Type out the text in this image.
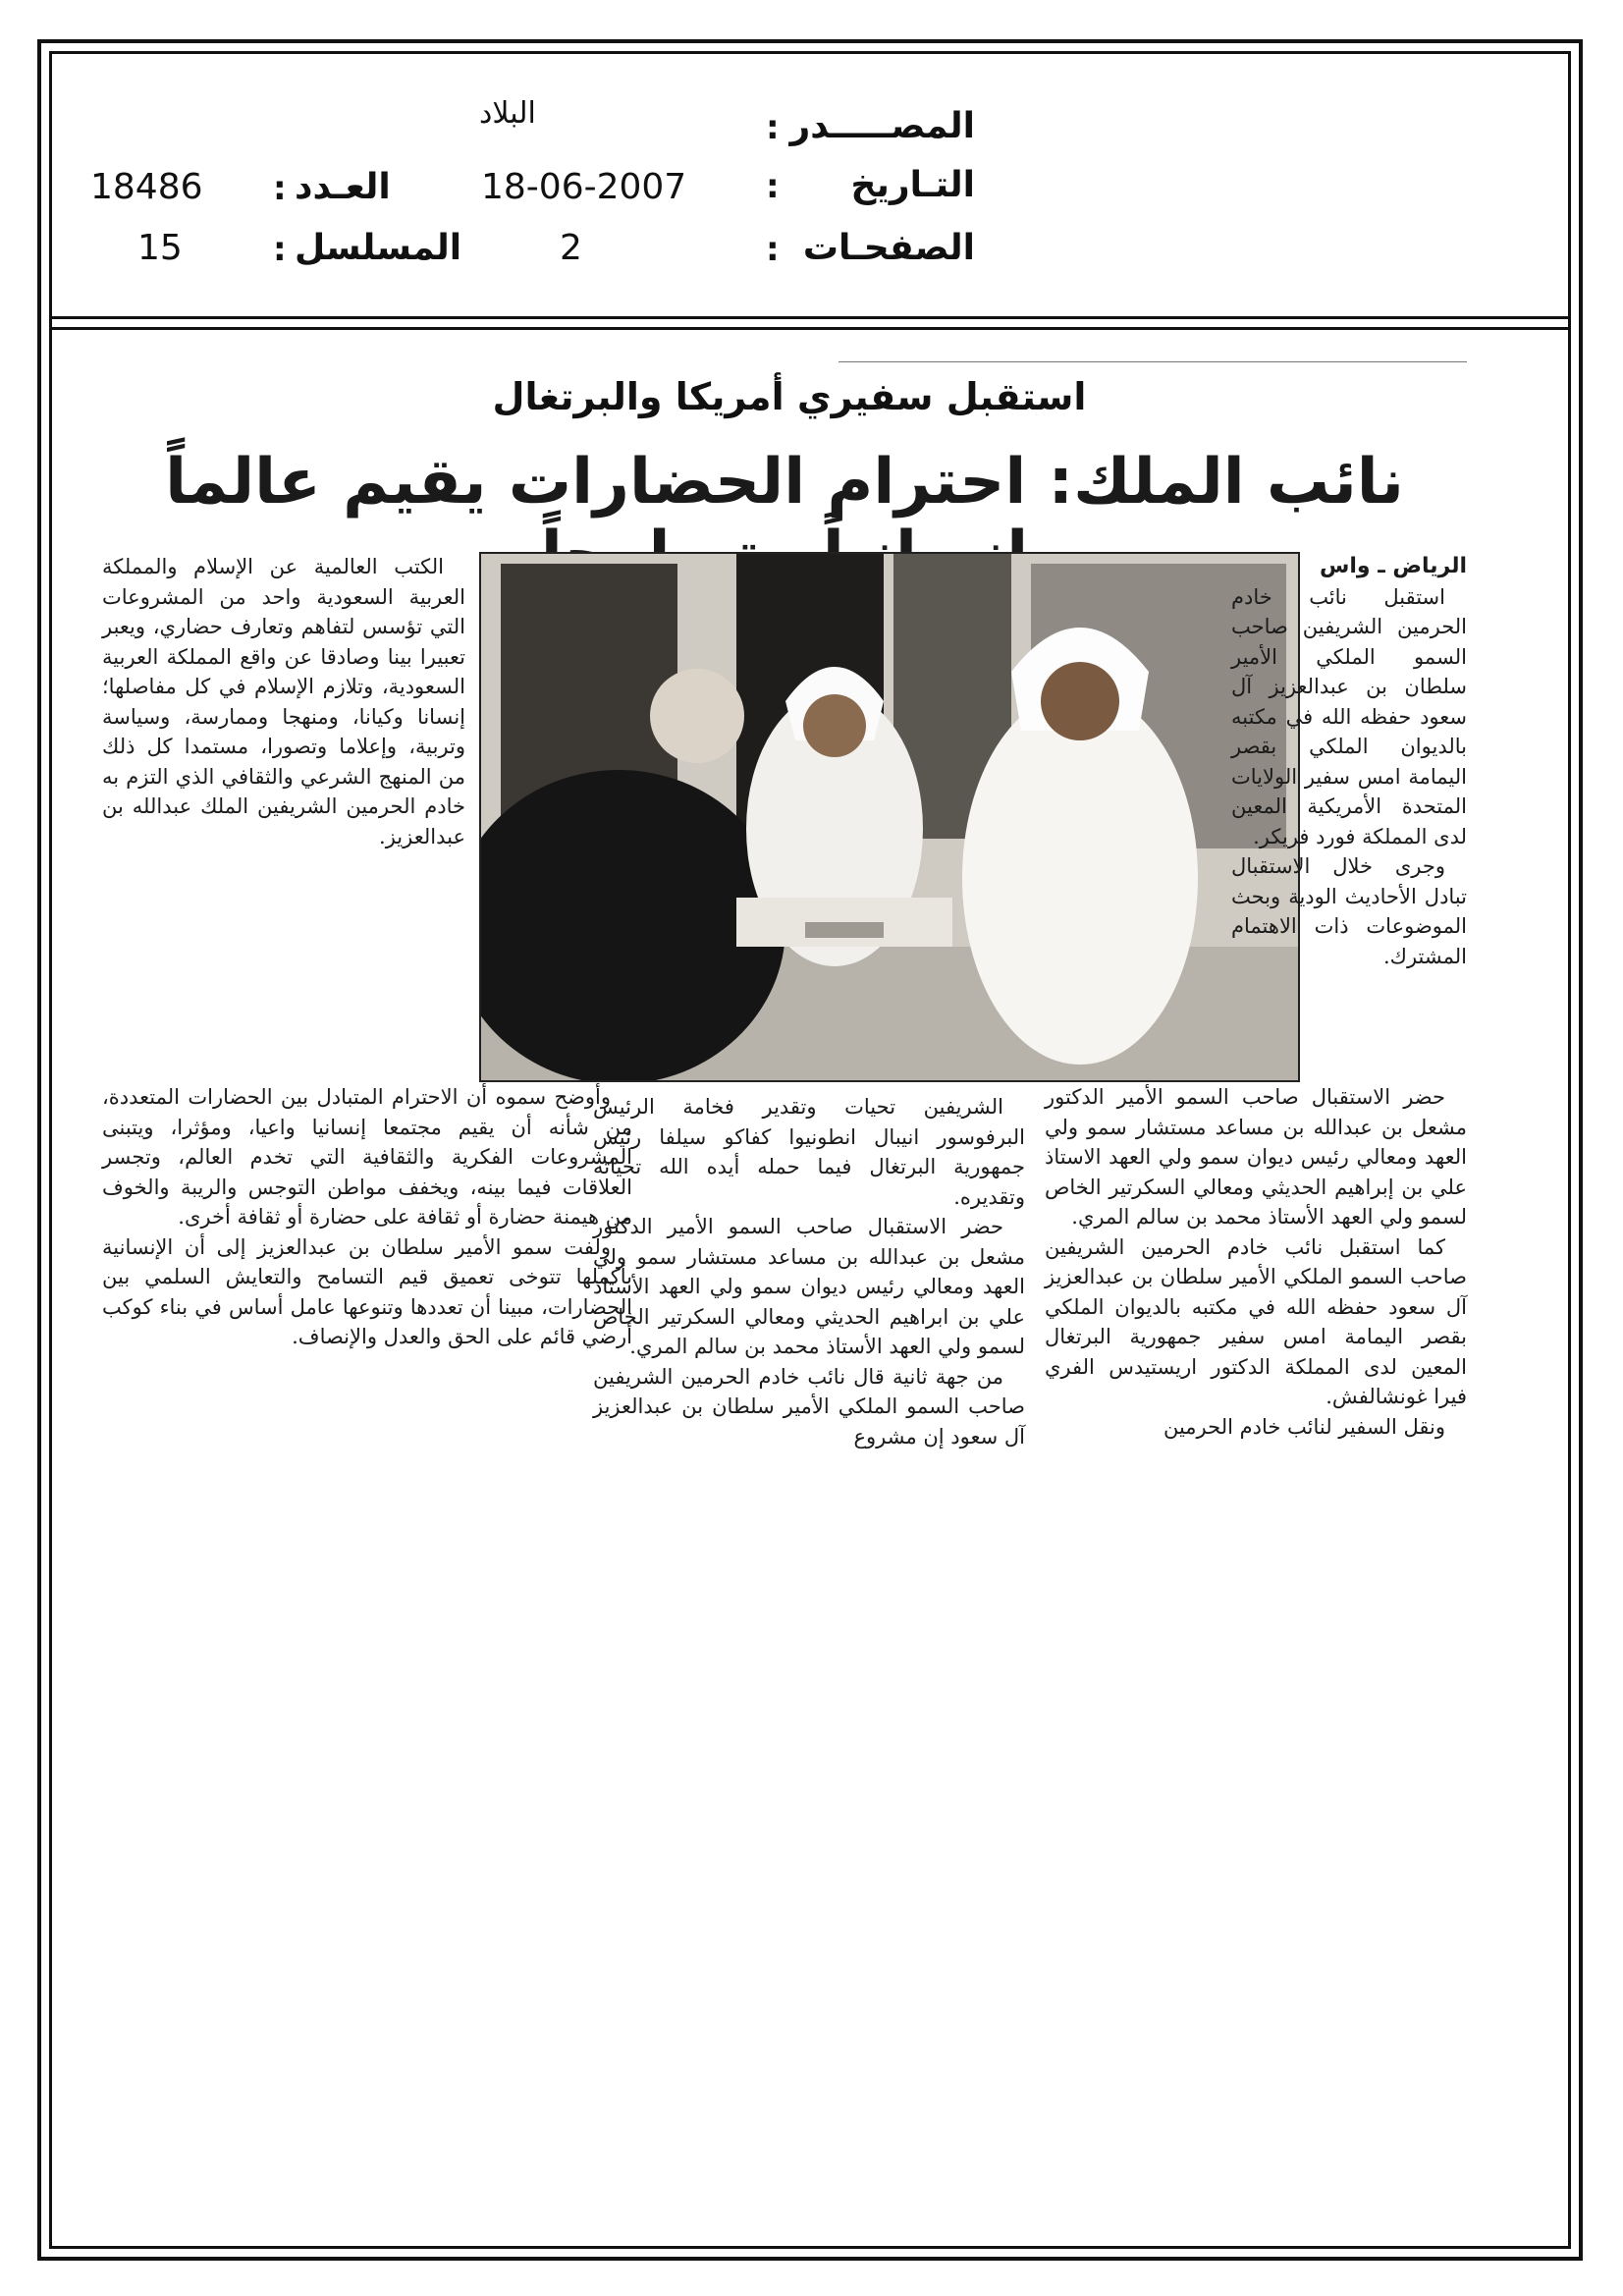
المصـــــدر
:
البلاد
التـاريخ
:
18-06-2007
الصفحـات
:
2
العـدد
:
18486
المسلسل
:
15
استقبل سفيري أمريكا والبرتغال
نائب الملك: احترام الحضارات يقيم عالماً

الرياض ـ واس

استقبل نائب خادم الحرمين الشريفين صاحب السمو الملكي الأمير سلطان بن عبدالعزيز آل سعود حفظه الله في مكتبه بالديوان الملكي بقصر اليمامة امس سفير الولايات المتحدة الأمريكية المعين لدى المملكة فورد فريكر.

وجرى خلال الاستقبال تبادل الأحاديث الودية وبحث الموضوعات ذات الاهتمام المشترك.

حضر الاستقبال صاحب السمو الأمير الدكتور مشعل بن عبدالله بن مساعد مستشار سمو ولي العهد ومعالي رئيس ديوان سمو ولي العهد الاستاذ علي بن إبراهيم الحديثي ومعالي السكرتير الخاص لسمو ولي العهد الأستاذ محمد بن سالم المري.

كما استقبل نائب خادم الحرمين الشريفين صاحب السمو الملكي الأمير سلطان بن عبدالعزيز آل سعود حفظه الله في مكتبه بالديوان الملكي بقصر اليمامة امس سفير جمهورية البرتغال المعين لدى المملكة الدكتور اريستيدس الفري فيرا غونشالفش.

ونقل السفير لنائب خادم الحرمين

الشريفين تحيات وتقدير فخامة الرئيس البرفوسور انيبال انطونيوا كفاكو سيلفا رئيس جمهورية البرتغال فيما حمله أيده الله تحياته وتقديره.

حضر الاستقبال صاحب السمو الأمير الدكتور مشعل بن عبدالله بن مساعد مستشار سمو ولي العهد ومعالي رئيس ديوان سمو ولي العهد الأستاذ علي بن ابراهيم الحديثي ومعالي السكرتير الخاص لسمو ولي العهد الأستاذ محمد بن سالم المري.

من جهة ثانية قال نائب خادم الحرمين الشريفين صاحب السمو الملكي الأمير سلطان بن عبدالعزيز آل سعود إن مشروع

الكتب العالمية عن الإسلام والمملكة العربية السعودية واحد من المشروعات التي تؤسس لتفاهم وتعارف حضاري، ويعبر تعبيرا بينا وصادقا عن واقع المملكة العربية السعودية، وتلازم الإسلام في كل مفاصلها؛ إنسانا وكيانا، ومنهجا وممارسة، وسياسة وتربية، وإعلاما وتصورا، مستمدا كل ذلك من المنهج الشرعي والثقافي الذي التزم به خادم الحرمين الشريفين الملك عبدالله بن عبدالعزيز.

وأوضح سموه أن الاحترام المتبادل بين الحضارات المتعددة، من شأنه أن يقيم مجتمعا إنسانيا واعيا، ومؤثرا، ويتبنى المشروعات الفكرية والثقافية التي تخدم العالم، وتجسر العلاقات فيما بينه، ويخفف مواطن التوجس والريبة والخوف من هيمنة حضارة أو ثقافة على حضارة أو ثقافة أخرى.

ولفت سمو الأمير سلطان بن عبدالعزيز إلى أن الإنسانية بأكملها تتوخى تعميق قيم التسامح والتعايش السلمي بين الحضارات، مبينا أن تعددها وتنوعها عامل أساس في بناء كوكب أرضي قائم على الحق والعدل والإنصاف.
